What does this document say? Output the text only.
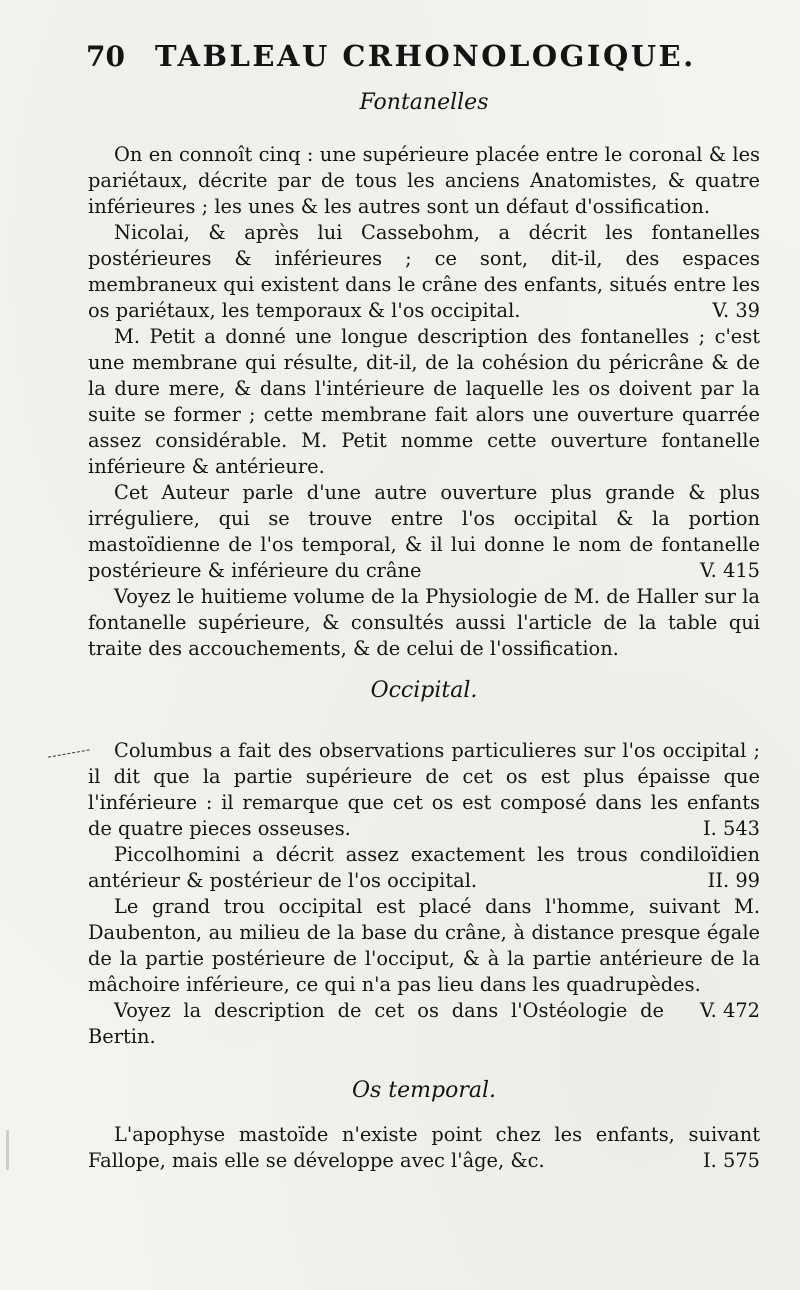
70 TABLEAU CRHONOLOGIQUE.
Fontanelles

On en connoît cinq : une supérieure placée entre le coronal & les pariétaux, décrite par de tous les anciens Anatomistes, & quatre inférieures ; les unes & les autres sont un défaut d'ossification.

Nicolai, & après lui Cassebohm, a décrit les fontanelles postérieures & inférieures ; ce sont, dit-il, des espaces membraneux qui existent dans le crâne des enfants, situés entre les os pariétaux, les temporaux & l'os occipital.	V. 39

M. Petit a donné une longue description des fontanelles ; c'est une membrane qui résulte, dit-il, de la cohésion du péricrâne & de la dure mere, & dans l'intérieure de laquelle les os doivent par la suite se former ; cette membrane fait alors une ouverture quarrée assez considérable. M. Petit nomme cette ouverture fontanelle inférieure & antérieure.

Cet Auteur parle d'une autre ouverture plus grande & plus irréguliere, qui se trouve entre l'os occipital & la portion mastoïdienne de l'os temporal, & il lui donne le nom de fontanelle postérieure & inférieure du crâne	V. 415

Voyez le huitieme volume de la Physiologie de M. de Haller sur la fontanelle supérieure, & consultés aussi l'article de la table qui traite des accouchements, & de celui de l'ossification.

Occipital.

Columbus a fait des observations particulieres sur l'os occipital ; il dit que la partie supérieure de cet os est plus épaisse que l'inférieure : il remarque que cet os est composé dans les enfants de quatre pieces osseuses.	I. 543

Piccolhomini a décrit assez exactement les trous condiloïdien antérieur & postérieur de l'os occipital.	II. 99

Le grand trou occipital est placé dans l'homme, suivant M. Daubenton, au milieu de la base du crâne, à distance presque égale de la partie postérieure de l'occiput, & à la partie antérieure de la mâchoire inférieure, ce qui n'a pas lieu dans les quadrupèdes.
V. 472

Voyez la description de cet os dans l'Ostéologie de Bertin.

Os temporal.

L'apophyse mastoïde n'existe point chez les enfants, suivant Fallope, mais elle se développe avec l'âge, &c.	I. 575
